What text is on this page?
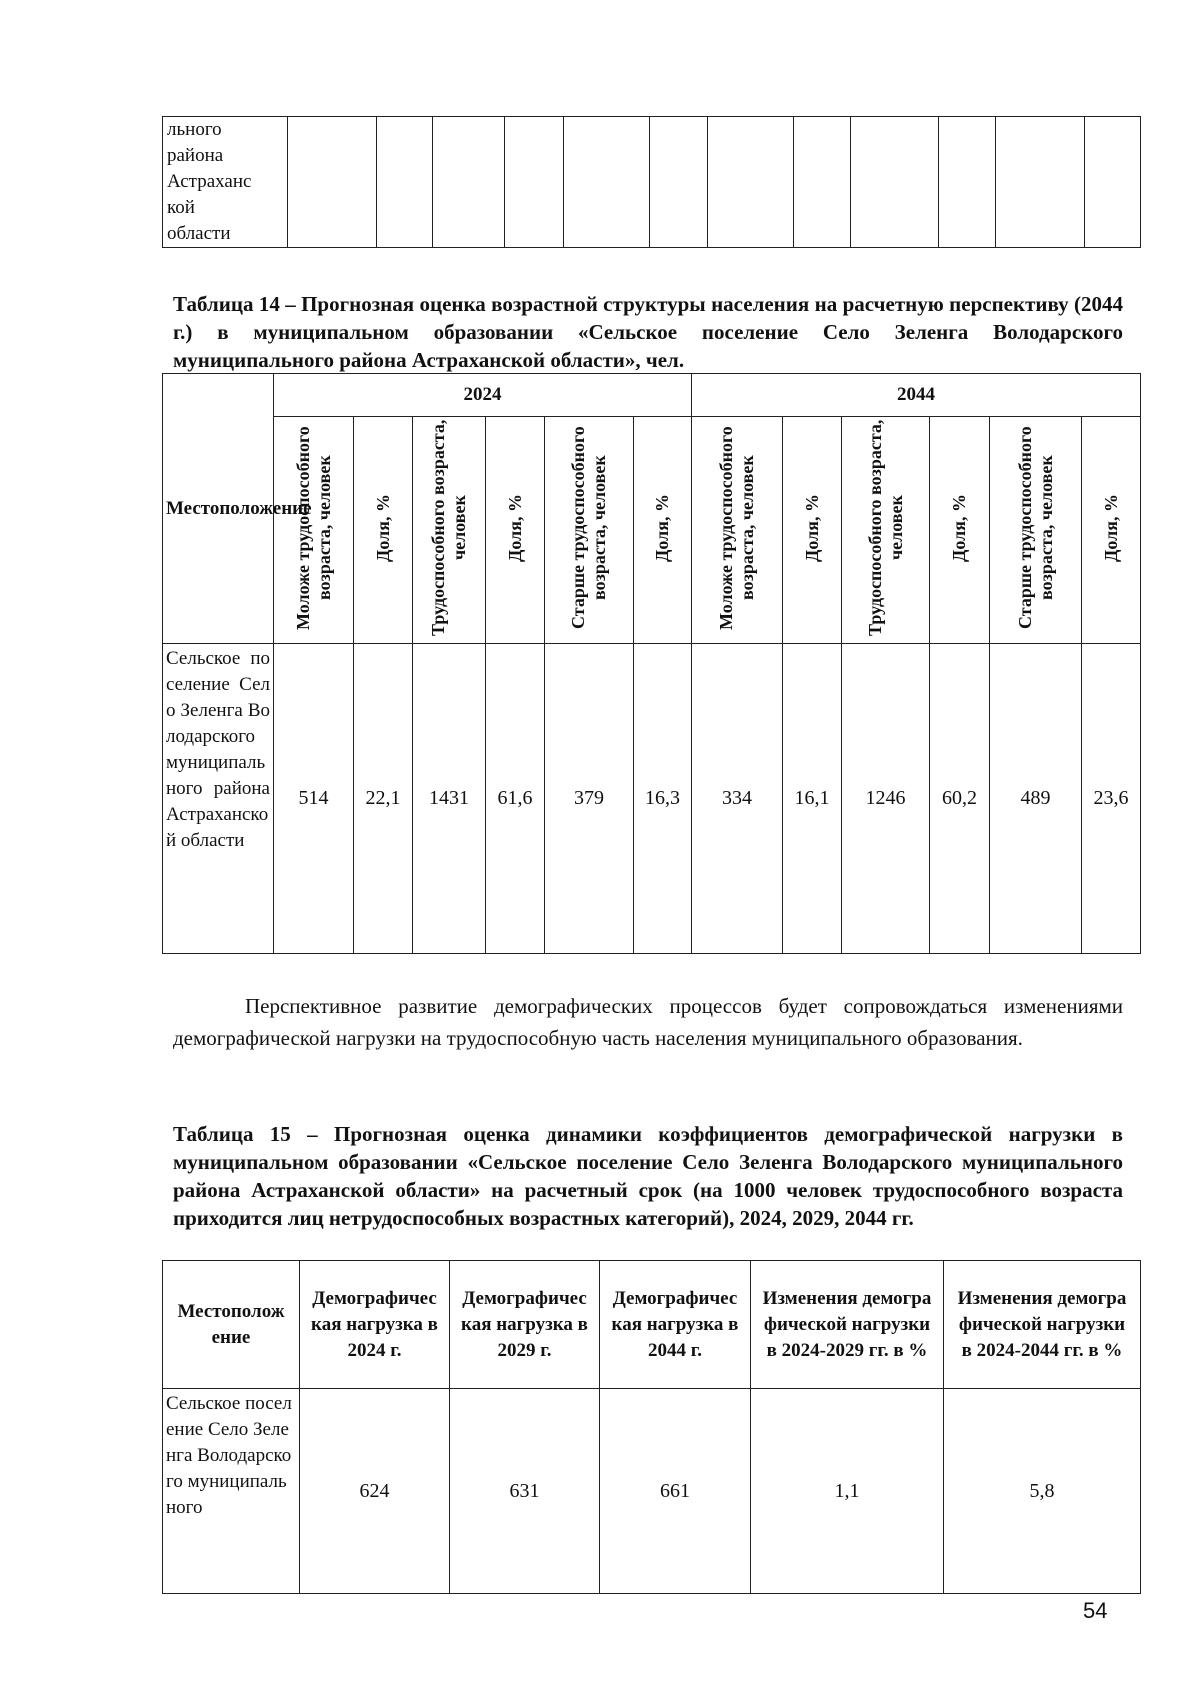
льного
района
Астраханс
кой
области

Таблица 14 – Прогнозная оценка возрастной структуры населения на расчетную перспективу (2044 г.) в муниципальном образовании «Сельское поселение Село Зеленга Володарского муниципального района Астраханской области», чел.
Местоположение	2024						2044					
	Моложе трудоспособного возраста, человек	Доля, %	Трудоспособного возраста, человек	Доля, %	Старше трудоспособного возраста, человек	Доля, %	Моложе трудоспособного возраста, человек	Доля, %	Трудоспособного возраста, человек	Доля, %	Старше трудоспособного возраста, человек	Доля, %
Сельское поселение Село Зеленга Володарского муниципального района Астраханской области	514	22,1	1431	61,6	379	16,3	334	16,1	1246	60,2	489	23,6
Перспективное развитие демографических процессов будет сопровождаться изменениями демографической нагрузки на трудоспособную часть населения муниципального образования.
Таблица 15 – Прогнозная оценка динамики коэффициентов демографической нагрузки в муниципальном образовании «Сельское поселение Село Зеленга Володарского муниципального района Астраханской области» на расчетный срок (на 1000 человек трудоспособного возраста приходится лиц нетрудоспособных возрастных категорий), 2024, 2029, 2044 гг.
Местоположение	Демографическая нагрузка в 2024 г.	Демографическая нагрузка в 2029 г.	Демографическая нагрузка в 2044 г.	Изменения демографической нагрузки в 2024-2029 гг. в %	Изменения демографической нагрузки в 2024-2044 гг. в %

Сельское поселение Село Зеленга Володарского муниципального	624	631	661	1,1	5,8
54
